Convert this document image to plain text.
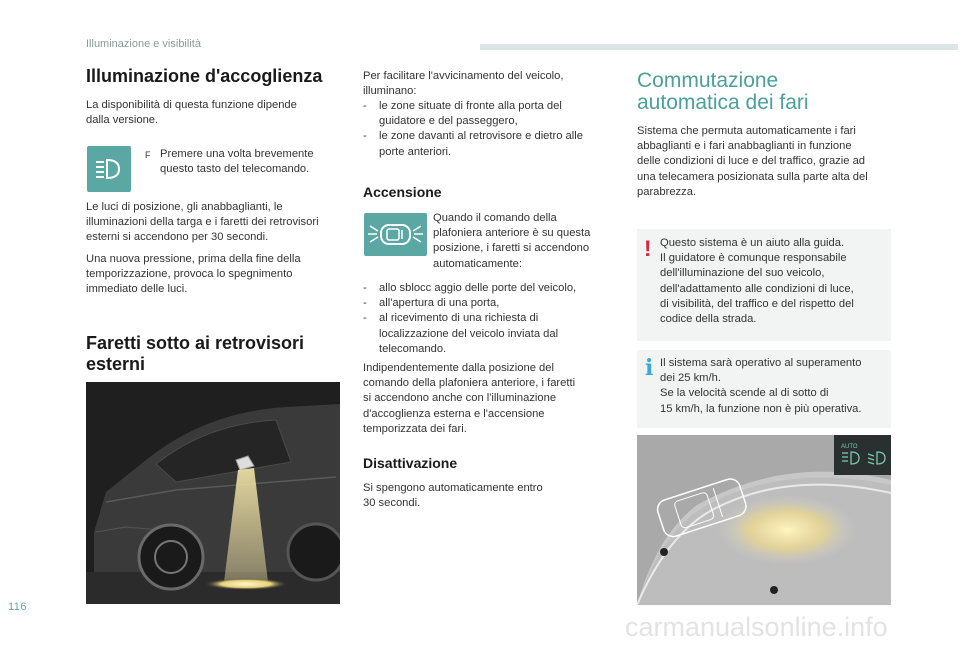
Illuminazione e visibilità
Illuminazione d'accoglienza
La disponibilità di questa funzione dipende
dalla versione.
F Premere una volta brevemente
questo tasto del telecomando.
Le luci di posizione, gli anabbaglianti, le
illuminazioni della targa e i faretti dei retrovisori
esterni si accendono per 30 secondi.
Una nuova pressione, prima della fine della
temporizzazione, provoca lo spegnimento
immediato delle luci.
Faretti sotto ai retrovisori
esterni
Per facilitare l'avvicinamento del veicolo,
illuminano:
-	le zone situate di fronte alla porta del
guidatore e del passeggero,
-	le zone davanti al retrovisore e dietro alle
porte anteriori.
Accensione
Quando il comando della
plafoniera anteriore è su questa
posizione, i faretti si accendono
automaticamente:
-	allo sblocc aggio delle porte del veicolo,
-	all'apertura di una porta,
-	al ricevimento di una richiesta di
localizzazione del veicolo inviata dal
telecomando.
Indipendentemente dalla posizione del
comando della plafoniera anteriore, i faretti
si accendono anche con l'illuminazione
d'accoglienza esterna e l'accensione
temporizzata dei fari.
Disattivazione
Si spengono automaticamente entro
30 secondi.
Commutazione
automatica dei fari
Sistema che permuta automaticamente i fari
abbaglianti e i fari anabbaglianti in funzione
delle condizioni di luce e del traffico, grazie ad
una telecamera posizionata sulla parte alta del
parabrezza.
! Questo sistema è un aiuto alla guida.
Il guidatore è comunque responsabile
dell'illuminazione del suo veicolo,
dell'adattamento alle condizioni di luce,
di visibilità, del traffico e del rispetto del
codice della strada.
i Il sistema sarà operativo al superamento
dei 25 km/h.
Se la velocità scende al di sotto di
15 km/h, la funzione non è più operativa.
AUTO
116
carmanualsonline.info
